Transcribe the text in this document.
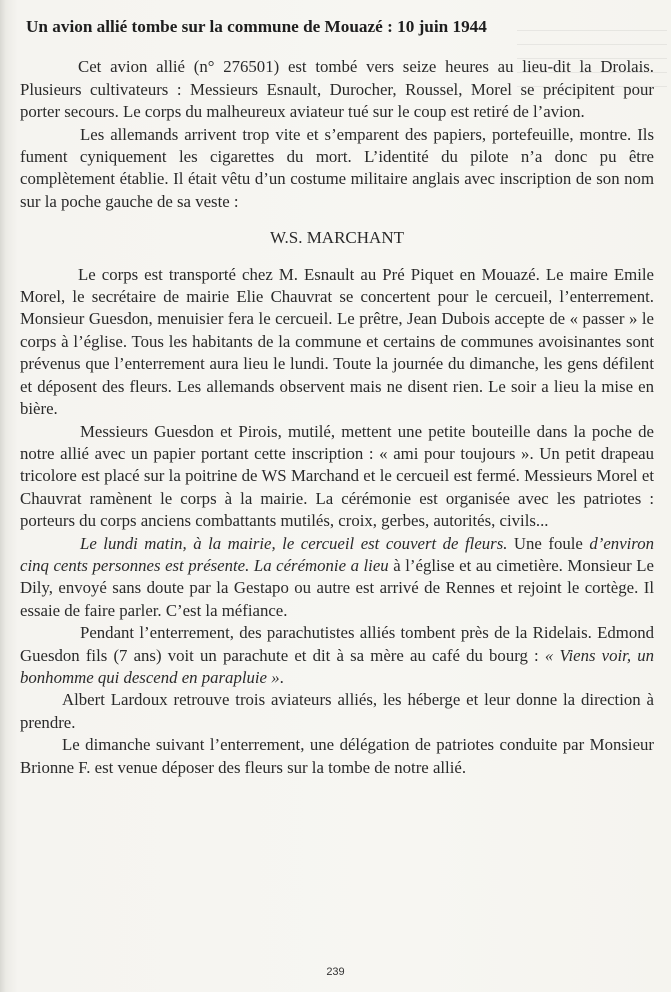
Un avion allié tombe sur la commune de Mouazé : 10 juin 1944

Cet avion allié (n° 276501) est tombé vers seize heures au lieu-dit la Drolais. Plusieurs cultivateurs : Messieurs Esnault, Durocher, Roussel, Morel se précipitent pour porter secours. Le corps du malheureux aviateur tué sur le coup est retiré de l’avion.

Les allemands arrivent trop vite et s’emparent des papiers, portefeuille, montre. Ils fument cyniquement les cigarettes du mort. L’identité du pilote n’a donc pu être complètement établie. Il était vêtu d’un costume militaire anglais avec inscription de son nom sur la poche gauche de sa veste :

W.S. MARCHANT

Le corps est transporté chez M. Esnault au Pré Piquet en Mouazé. Le maire Emile Morel, le secrétaire de mairie Elie Chauvrat se concertent pour le cercueil, l’enterrement. Monsieur Guesdon, menuisier fera le cercueil. Le prêtre, Jean Dubois accepte de « passer » le corps à l’église. Tous les habitants de la commune et certains de communes avoisinantes sont prévenus que l’enterrement aura lieu le lundi. Toute la journée du dimanche, les gens défilent et déposent des fleurs. Les allemands observent mais ne disent rien. Le soir a lieu la mise en bière.

Messieurs Guesdon et Pirois, mutilé, mettent une petite bouteille dans la poche de notre allié avec un papier portant cette inscription : « ami pour toujours ». Un petit drapeau tricolore est placé sur la poitrine de WS Marchand et le cercueil est fermé. Messieurs Morel et Chauvrat ramènent le corps à la mairie. La cérémonie est organisée avec les patriotes : porteurs du corps anciens combattants mutilés, croix, gerbes, autorités, civils...

Le lundi matin, à la mairie, le cercueil est couvert de fleurs. Une foule d’environ cinq cents personnes est présente. La cérémonie a lieu à l’église et au cimetière. Monsieur Le Dily, envoyé sans doute par la Gestapo ou autre est arrivé de Rennes et rejoint le cortège. Il essaie de faire parler. C’est la méfiance.

Pendant l’enterrement, des parachutistes alliés tombent près de la Ridelais. Edmond Guesdon fils (7 ans) voit un parachute et dit à sa mère au café du bourg : « Viens voir, un bonhomme qui descend en parapluie ».

Albert Lardoux retrouve trois aviateurs alliés, les héberge et leur donne la direction à prendre.

Le dimanche suivant l’enterrement, une délégation de patriotes conduite par Monsieur Brionne F. est venue déposer des fleurs sur la tombe de notre allié.

239
